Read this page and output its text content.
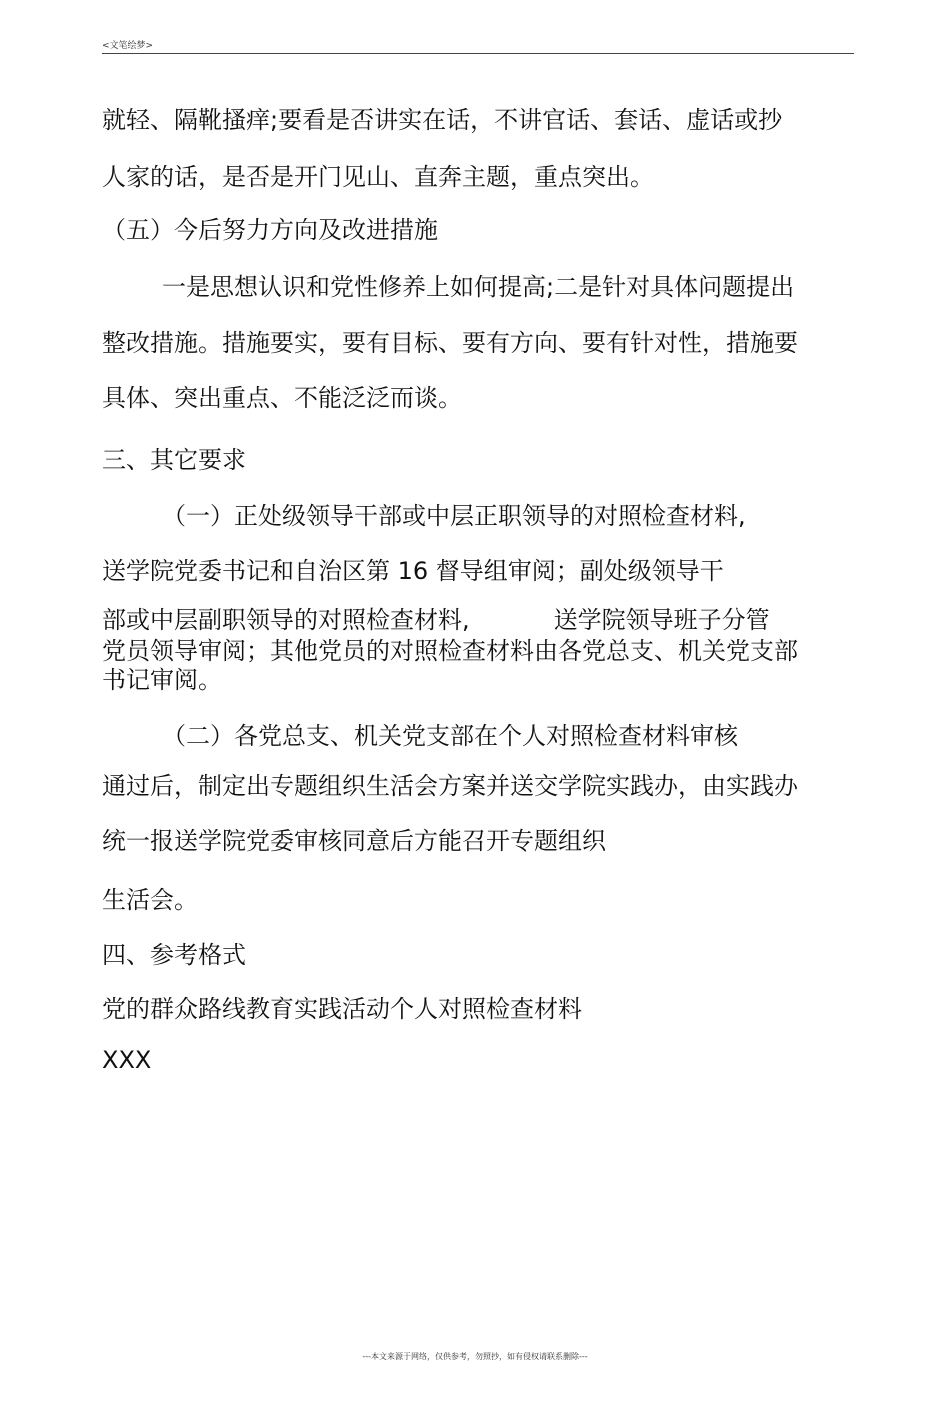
<文笔绘梦>
就轻、隔靴搔痒;要看是否讲实在话，不讲官话、套话、虚话或抄
人家的话，是否是开门见山、直奔主题，重点突出。
（五）今后努力方向及改进措施
一是思想认识和党性修养上如何提高;二是针对具体问题提出
整改措施。措施要实，要有目标、要有方向、要有针对性，措施要
具体、突出重点、不能泛泛而谈。
三、其它要求
（一）正处级领导干部或中层正职领导的对照检查材料,
送学院党委书记和自治区第 16 督导组审阅；副处级领导干
部或中层副职领导的对照检查材料,	送学院领导班子分管
党员领导审阅；其他党员的对照检查材料由各党总支、机关党支部
书记审阅。
（二）各党总支、机关党支部在个人对照检查材料审核
通过后，制定出专题组织生活会方案并送交学院实践办，由实践办
统一报送学院党委审核同意后方能召开专题组织
生活会。
四、参考格式
党的群众路线教育实践活动个人对照检查材料
XXX
---本文来源于网络，仅供参考，勿照抄，如有侵权请联系删除---
